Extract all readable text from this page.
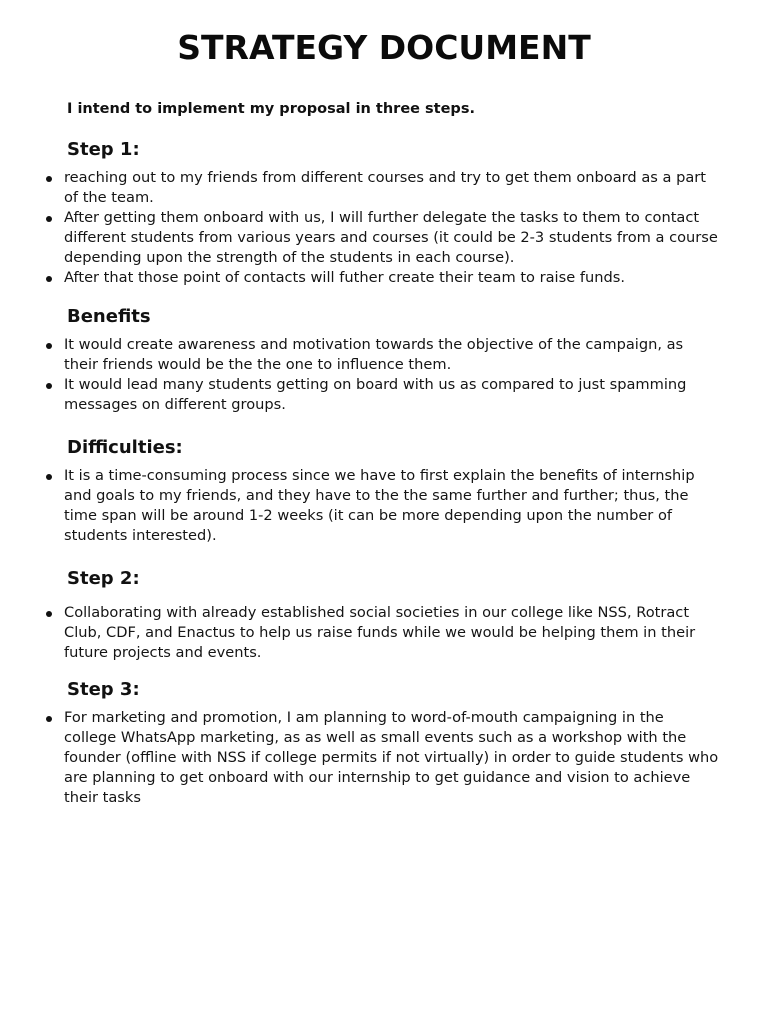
STRATEGY DOCUMENT
I intend to implement my proposal in three steps.
Step 1:
reaching out to my friends from different courses and try to get them onboard as a part of the team.
After getting them onboard with us, I will further delegate the tasks to them to contact different students from various years and courses (it could be 2-3 students from a course depending upon the strength of the students in each course).
After that those point of contacts will futher create their team to raise funds.
Benefits
It would create awareness and motivation towards the objective of the campaign, as their friends would be the the one to influence them.
It would lead many students getting on board with us as compared to just spamming messages on different groups.
Difficulties:
It is a time-consuming process since we have to first explain the benefits of internship and goals to my friends, and they have to the the same further and further; thus, the time span will be around 1-2 weeks (it can be more depending upon the number of students interested).
Step 2:
Collaborating with already established social societies in our college like NSS, Rotract Club, CDF, and Enactus to help us raise funds while we would be helping them in their future projects and events.
Step 3:
For marketing and promotion, I am planning to word-of-mouth campaigning in the college WhatsApp marketing, as as well as small events such as a workshop with the founder (offline with NSS if college permits if not virtually) in order to guide students who are planning to get onboard with our internship to get guidance and vision to achieve their tasks
